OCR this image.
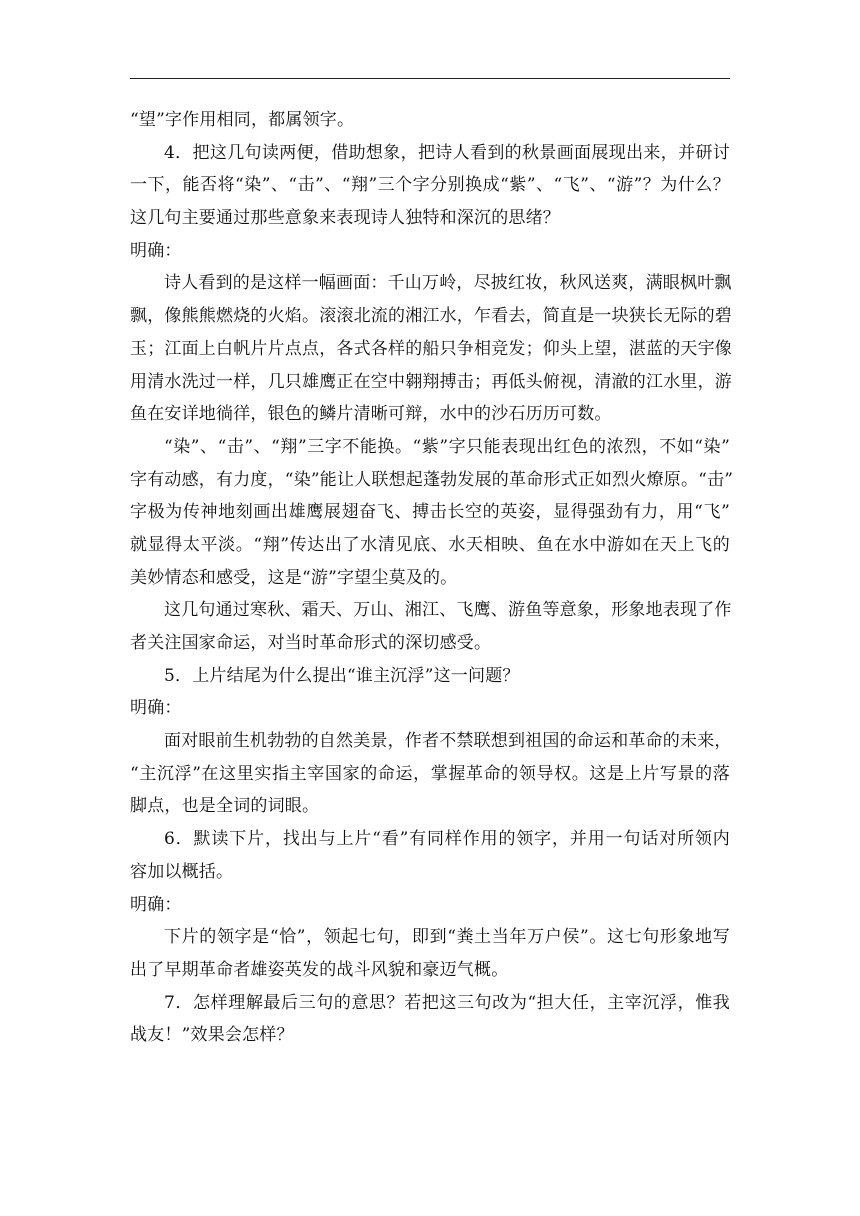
“望”字作用相同，都属领字。
4．把这几句读两便，借助想象，把诗人看到的秋景画面展现出来，并研讨
一下，能否将“染”、“击”、“翔”三个字分别换成“紫”、“飞”、“游”？为什么？
这几句主要通过那些意象来表现诗人独特和深沉的思绪？
明确：
诗人看到的是这样一幅画面：千山万岭，尽披红妆，秋风送爽，满眼枫叶飘
飘，像熊熊燃烧的火焰。滚滚北流的湘江水，乍看去，简直是一块狭长无际的碧
玉；江面上白帆片片点点，各式各样的船只争相竞发；仰头上望，湛蓝的天宇像
用清水洗过一样，几只雄鹰正在空中翱翔搏击；再低头俯视，清澈的江水里，游
鱼在安详地徜徉，银色的鳞片清晰可辩，水中的沙石历历可数。
“染”、“击”、“翔”三字不能换。“紫”字只能表现出红色的浓烈，不如“染”
字有动感，有力度，“染”能让人联想起蓬勃发展的革命形式正如烈火燎原。“击”
字极为传神地刻画出雄鹰展翅奋飞、搏击长空的英姿，显得强劲有力，用“飞”
就显得太平淡。“翔”传达出了水清见底、水天相映、鱼在水中游如在天上飞的
美妙情态和感受，这是“游”字望尘莫及的。
这几句通过寒秋、霜天、万山、湘江、飞鹰、游鱼等意象，形象地表现了作
者关注国家命运，对当时革命形式的深切感受。
5．上片结尾为什么提出“谁主沉浮”这一问题？
明确：
面对眼前生机勃勃的自然美景，作者不禁联想到祖国的命运和革命的未来，
“主沉浮”在这里实指主宰国家的命运，掌握革命的领导权。这是上片写景的落
脚点，也是全词的词眼。
6．默读下片，找出与上片“看”有同样作用的领字，并用一句话对所领内
容加以概括。
明确：
下片的领字是“恰”，领起七句，即到“粪土当年万户侯”。这七句形象地写
出了早期革命者雄姿英发的战斗风貌和豪迈气概。
7．怎样理解最后三句的意思？若把这三句改为“担大任，主宰沉浮，惟我
战友！”效果会怎样？
